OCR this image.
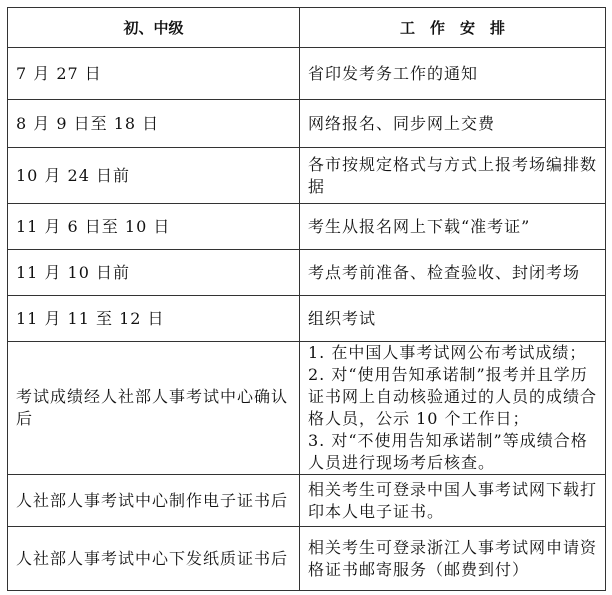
初、中级	工　作　安　排
7 月 27 日	省印发考务工作的通知
8 月 9 日至 18 日	网络报名、同步网上交费
10 月 24 日前	各市按规定格式与方式上报考场编排数据
11 月 6 日至 10 日	考生从报名网上下载“准考证”
11 月 10 日前	考点考前准备、检查验收、封闭考场
11 月 11 至 12 日	组织考试
考试成绩经人社部人事考试中心确认后	1. 在中国人事考试网公布考试成绩；
2. 对“使用告知承诺制”报考并且学历证书网上自动核验通过的人员的成绩合格人员，公示 10 个工作日；
3. 对“不使用告知承诺制”等成绩合格人员进行现场考后核查。

人社部人事考试中心制作电子证书后	相关考生可登录中国人事考试网下载打印本人电子证书。
人社部人事考试中心下发纸质证书后	相关考生可登录浙江人事考试网申请资格证书邮寄服务（邮费到付）
